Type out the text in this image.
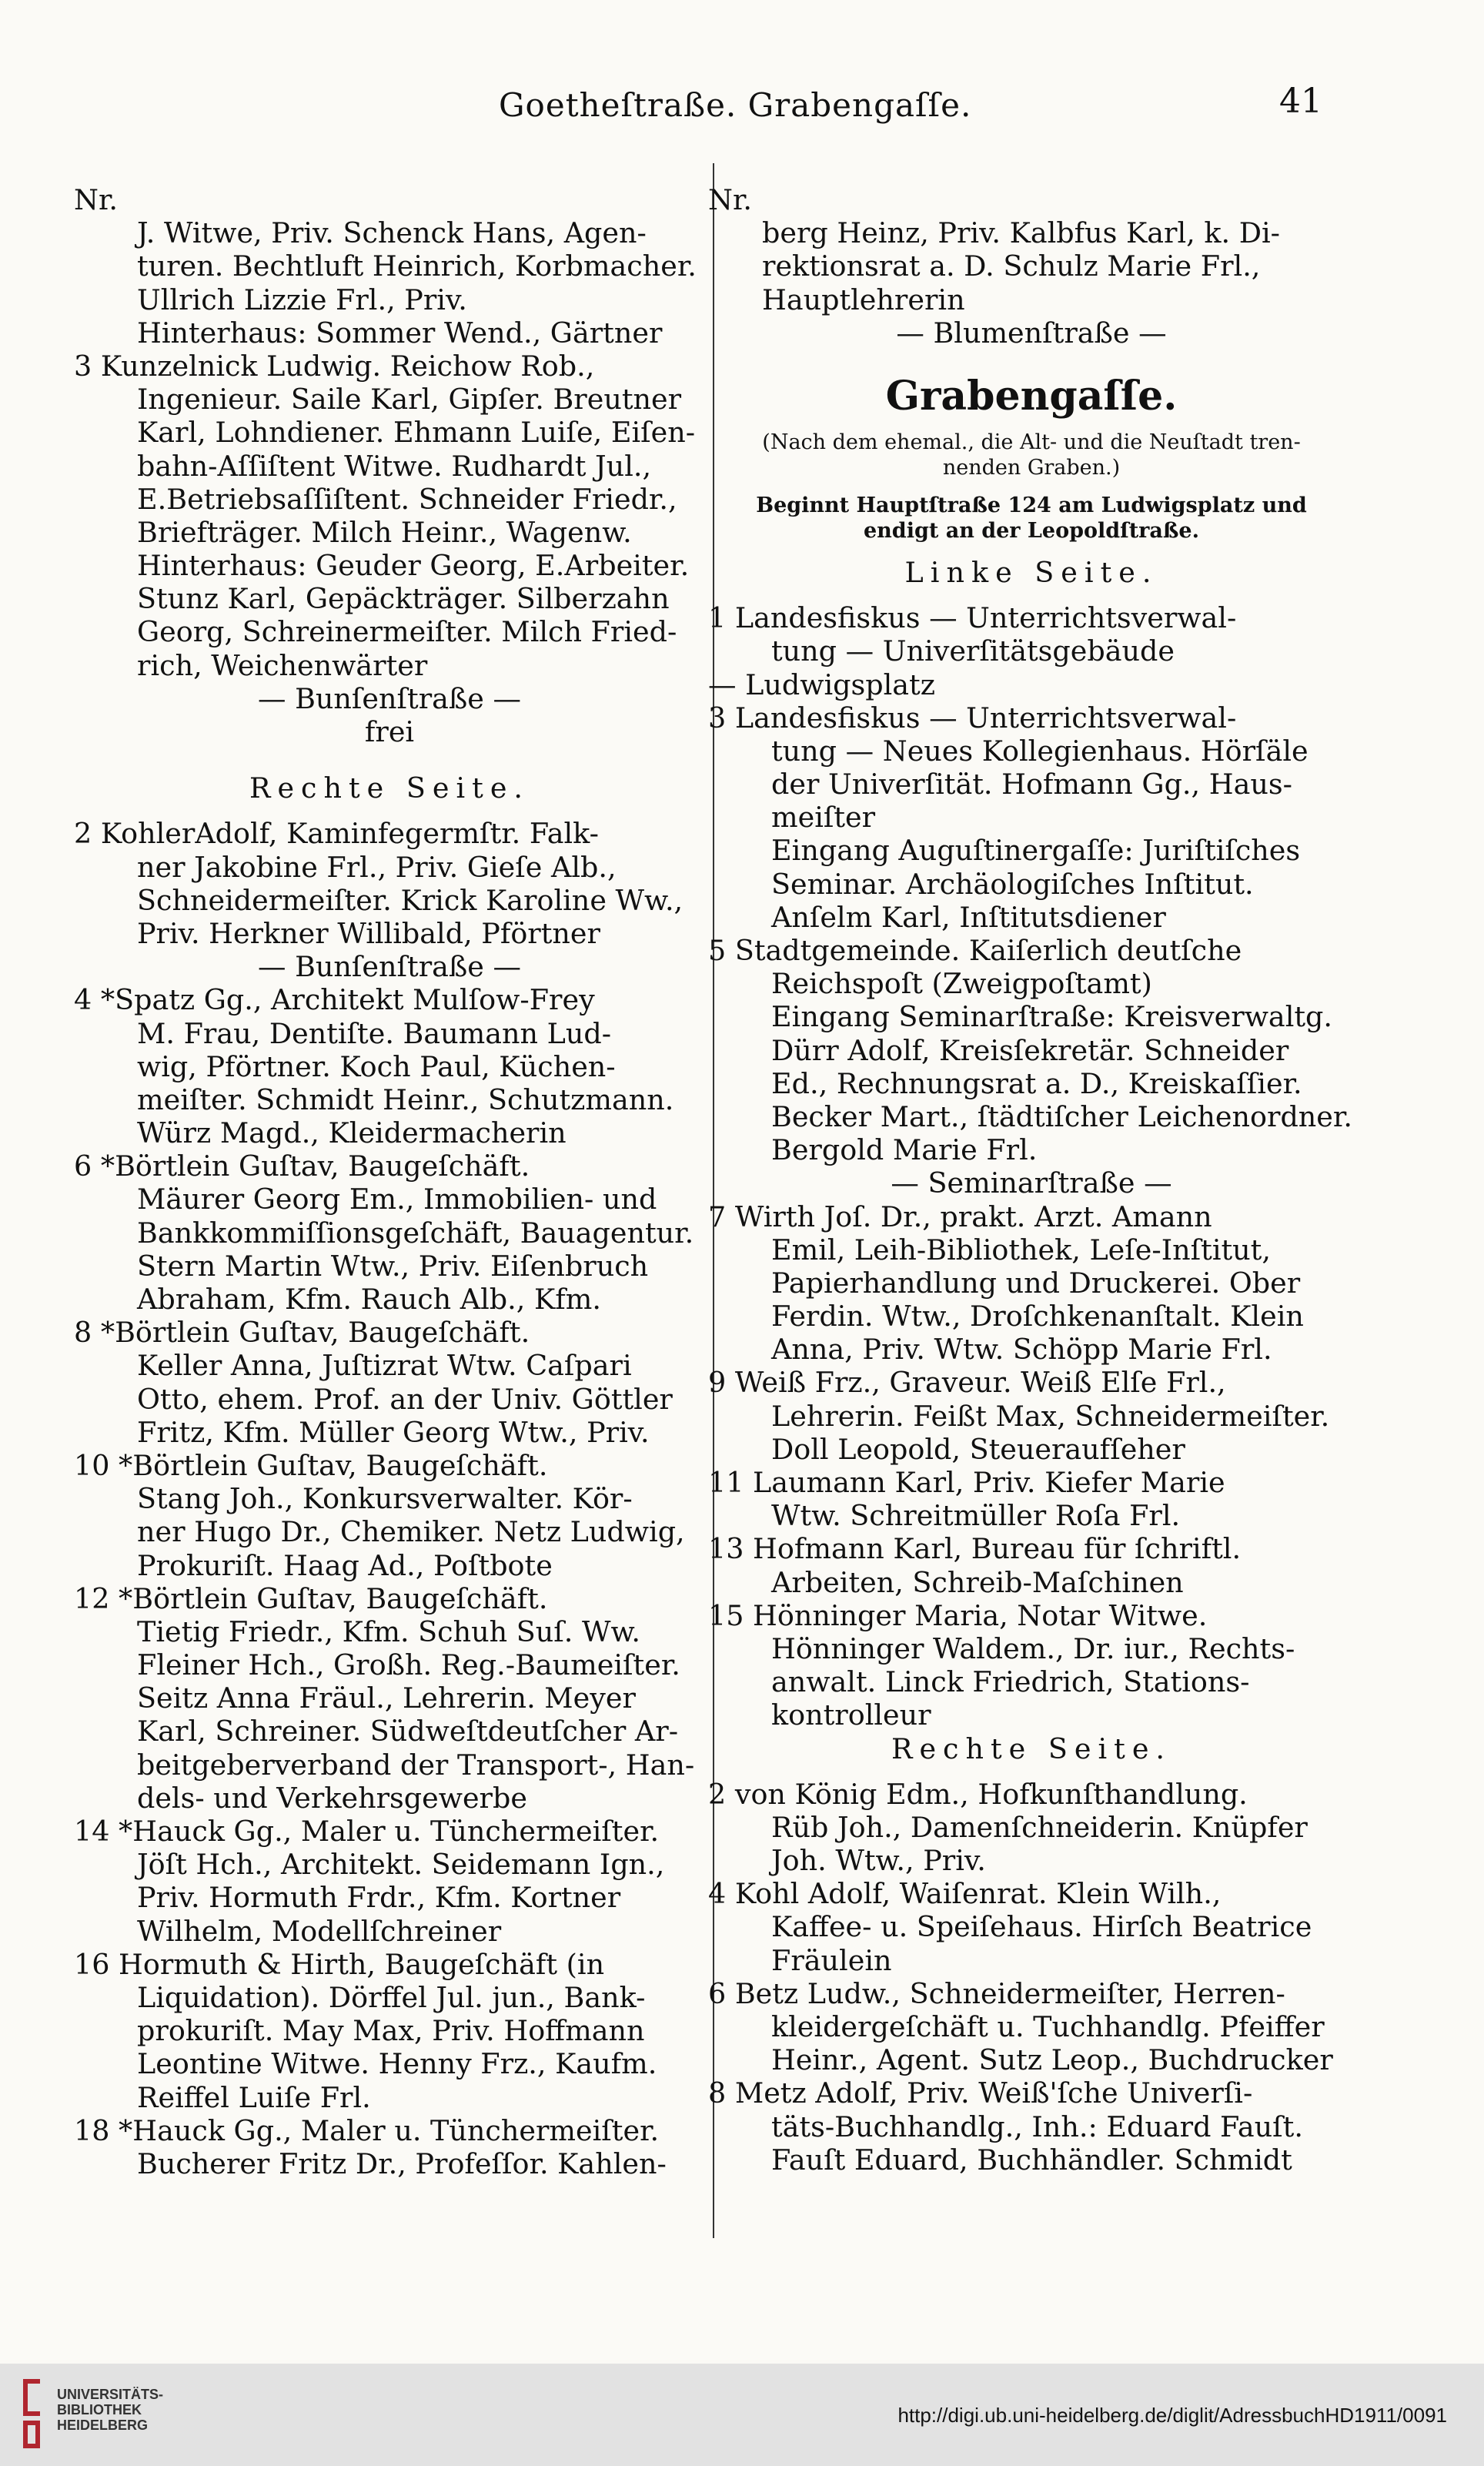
Goetheſtraße. Grabengaſſe.	41
Nr.
J. Witwe, Priv. Schenck Hans, Agen-
turen. Bechtluft Heinrich, Korbmacher.
Ullrich Lizzie Frl., Priv.
Hinterhaus: Sommer Wend., Gärtner
3 Kunzelnick Ludwig. Reichow Rob.,
Ingenieur. Saile Karl, Gipſer. Breutner
Karl, Lohndiener. Ehmann Luiſe, Eiſen-
bahn-Aſſiſtent Witwe. Rudhardt Jul.,
E.Betriebsaſſiſtent. Schneider Friedr.,
Briefträger. Milch Heinr., Wagenw.
Hinterhaus: Geuder Georg, E.Arbeiter.
Stunz Karl, Gepäckträger. Silberzahn
Georg, Schreinermeiſter. Milch Fried-
rich, Weichenwärter
— Bunſenſtraße —
frei
Rechte Seite.
2 KohlerAdolf, Kaminfegermſtr. Falk-
ner Jakobine Frl., Priv. Gieſe Alb.,
Schneidermeiſter. Krick Karoline Ww.,
Priv. Herkner Willibald, Pförtner
— Bunſenſtraße —
4 *Spatz Gg., Architekt Mulſow-Frey
M. Frau, Dentiſte. Baumann Lud-
wig, Pförtner. Koch Paul, Küchen-
meiſter. Schmidt Heinr., Schutzmann.
Würz Magd., Kleidermacherin
6 *Börtlein Guſtav, Baugeſchäft.
Mäurer Georg Em., Immobilien- und
Bankkommiſſionsgeſchäft, Bauagentur.
Stern Martin Wtw., Priv. Eiſenbruch
Abraham, Kfm. Rauch Alb., Kfm.
8 *Börtlein Guſtav, Baugeſchäft.
Keller Anna, Juſtizrat Wtw. Caſpari
Otto, ehem. Prof. an der Univ. Göttler
Fritz, Kfm. Müller Georg Wtw., Priv.
10 *Börtlein Guſtav, Baugeſchäft.
Stang Joh., Konkursverwalter. Kör-
ner Hugo Dr., Chemiker. Netz Ludwig,
Prokuriſt. Haag Ad., Poſtbote
12 *Börtlein Guſtav, Baugeſchäft.
Tietig Friedr., Kfm. Schuh Suſ. Ww.
Fleiner Hch., Großh. Reg.-Baumeiſter.
Seitz Anna Fräul., Lehrerin. Meyer
Karl, Schreiner. Südweſtdeutſcher Ar-
beitgeberverband der Transport-, Han-
dels- und Verkehrsgewerbe
14 *Hauck Gg., Maler u. Tünchermeiſter.
Jöſt Hch., Architekt. Seidemann Ign.,
Priv. Hormuth Frdr., Kfm. Kortner
Wilhelm, Modellſchreiner
16 Hormuth & Hirth, Baugeſchäft (in
Liquidation). Dörffel Jul. jun., Bank-
prokuriſt. May Max, Priv. Hoffmann
Leontine Witwe. Henny Frz., Kaufm.
Reiffel Luiſe Frl.
18 *Hauck Gg., Maler u. Tünchermeiſter.
Bucherer Fritz Dr., Profeſſor. Kahlen-
Nr.
berg Heinz, Priv. Kalbfus Karl, k. Di-
rektionsrat a. D. Schulz Marie Frl.,
Hauptlehrerin
— Blumenſtraße —
Grabengaſſe.
(Nach dem ehemal., die Alt- und die Neuſtadt tren-
nenden Graben.)
Beginnt Hauptſtraße 124 am Ludwigsplatz und
endigt an der Leopoldſtraße.
Linke Seite.
1 Landesfiskus — Unterrichtsverwal-
tung — Univerſitätsgebäude
— Ludwigsplatz
3 Landesfiskus — Unterrichtsverwal-
tung — Neues Kollegienhaus. Hörſäle
der Univerſität. Hofmann Gg., Haus-
meiſter
Eingang Auguſtinergaſſe: Juriſtiſches
Seminar. Archäologiſches Inſtitut.
Anſelm Karl, Inſtitutsdiener
5 Stadtgemeinde. Kaiſerlich deutſche
Reichspoſt (Zweigpoſtamt)
Eingang Seminarſtraße: Kreisverwaltg.
Dürr Adolf, Kreisſekretär. Schneider
Ed., Rechnungsrat a. D., Kreiskaſſier.
Becker Mart., ſtädtiſcher Leichenordner.
Bergold Marie Frl.
— Seminarſtraße —
7 Wirth Joſ. Dr., prakt. Arzt. Amann
Emil, Leih-Bibliothek, Leſe-Inſtitut,
Papierhandlung und Druckerei. Ober
Ferdin. Wtw., Droſchkenanſtalt. Klein
Anna, Priv. Wtw. Schöpp Marie Frl.
9 Weiß Frz., Graveur. Weiß Elſe Frl.,
Lehrerin. Feißt Max, Schneidermeiſter.
Doll Leopold, Steueraufſeher
11 Laumann Karl, Priv. Kiefer Marie
Wtw. Schreitmüller Roſa Frl.
13 Hofmann Karl, Bureau für ſchriftl.
Arbeiten, Schreib-Maſchinen
15 Hönninger Maria, Notar Witwe.
Hönninger Waldem., Dr. iur., Rechts-
anwalt. Linck Friedrich, Stations-
kontrolleur
Rechte Seite.
2 von König Edm., Hofkunſthandlung.
Rüb Joh., Damenſchneiderin. Knüpfer
Joh. Wtw., Priv.
4 Kohl Adolf, Waiſenrat. Klein Wilh.,
Kaffee- u. Speiſehaus. Hirſch Beatrice
Fräulein
6 Betz Ludw., Schneidermeiſter, Herren-
kleidergeſchäft u. Tuchhandlg. Pfeiffer
Heinr., Agent. Sutz Leop., Buchdrucker
8 Metz Adolf, Priv. Weiß'ſche Univerſi-
täts-Buchhandlg., Inh.: Eduard Fauſt.
Fauſt Eduard, Buchhändler. Schmidt
UNIVERSITÄTS-
BIBLIOTHEK
HEIDELBERG	http://digi.ub.uni-heidelberg.de/diglit/AdressbuchHD1911/0091
